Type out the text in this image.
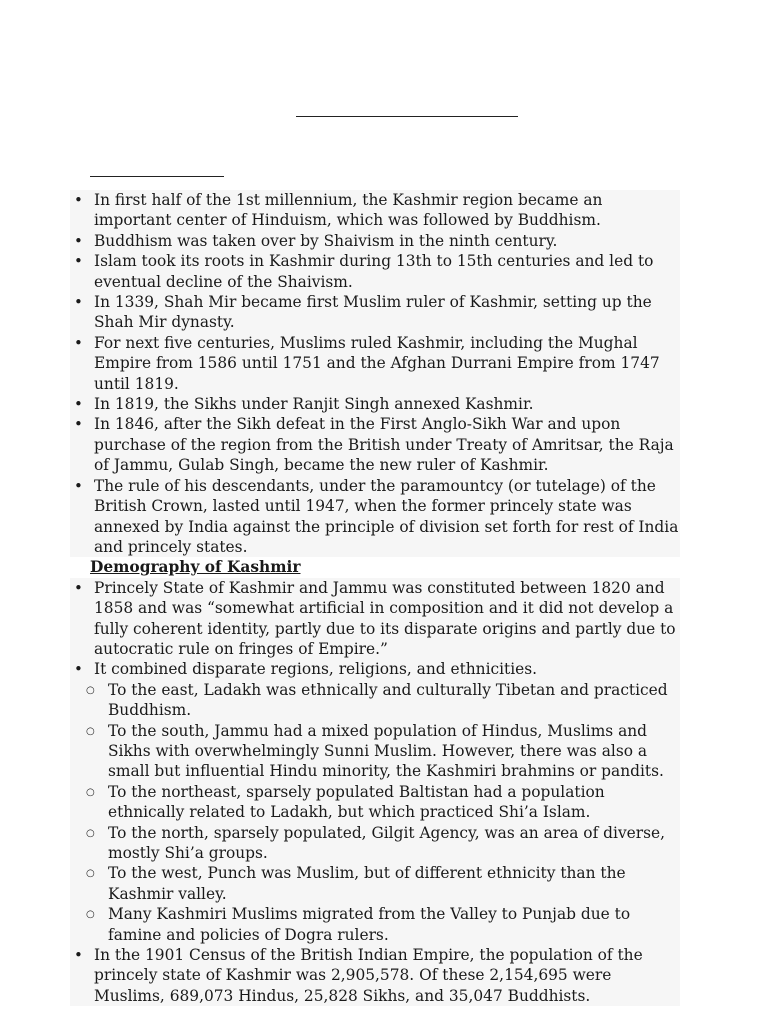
• In first half of the 1st millennium, the Kashmir region became an important center of Hinduism, which was followed by Buddhism.
• Buddhism was taken over by Shaivism in the ninth century.
• Islam took its roots in Kashmir during 13th to 15th centuries and led to eventual decline of the Shaivism.
• In 1339, Shah Mir became first Muslim ruler of Kashmir, setting up the Shah Mir dynasty.
• For next five centuries, Muslims ruled Kashmir, including the Mughal Empire from 1586 until 1751 and the Afghan Durrani Empire from 1747 until 1819.
• In 1819, the Sikhs under Ranjit Singh annexed Kashmir.
• In 1846, after the Sikh defeat in the First Anglo-Sikh War and upon purchase of the region from the British under Treaty of Amritsar, the Raja of Jammu, Gulab Singh, became the new ruler of Kashmir.
• The rule of his descendants, under the paramountcy (or tutelage) of the British Crown, lasted until 1947, when the former princely state was annexed by India against the principle of division set forth for rest of India and princely states.
Demography of Kashmir
• Princely State of Kashmir and Jammu was constituted between 1820 and 1858 and was “somewhat artificial in composition and it did not develop a fully coherent identity, partly due to its disparate origins and partly due to autocratic rule on fringes of Empire.”
• It combined disparate regions, religions, and ethnicities.
○ To the east, Ladakh was ethnically and culturally Tibetan and practiced Buddhism.
○ To the south, Jammu had a mixed population of Hindus, Muslims and Sikhs with overwhelmingly Sunni Muslim. However, there was also a small but influential Hindu minority, the Kashmiri brahmins or pandits.
○ To the northeast, sparsely populated Baltistan had a population ethnically related to Ladakh, but which practiced Shi’a Islam.
○ To the north, sparsely populated, Gilgit Agency, was an area of diverse, mostly Shi’a groups.
○ To the west, Punch was Muslim, but of different ethnicity than the Kashmir valley.
○ Many Kashmiri Muslims migrated from the Valley to Punjab due to famine and policies of Dogra rulers.
• In the 1901 Census of the British Indian Empire, the population of the princely state of Kashmir was 2,905,578. Of these 2,154,695 were Muslims, 689,073 Hindus, 25,828 Sikhs, and 35,047 Buddhists.
